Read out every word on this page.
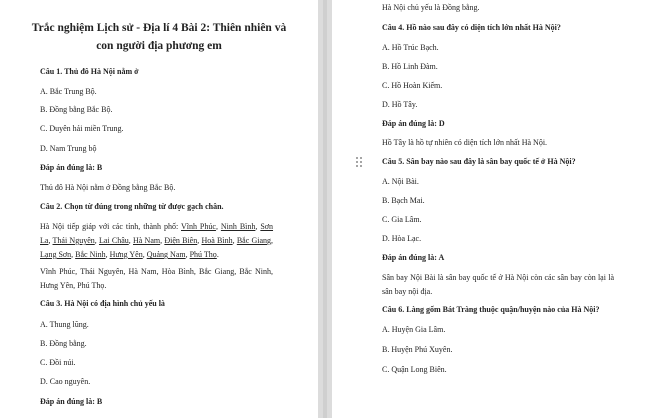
Trắc nghiệm Lịch sử - Địa lí 4 Bài 2: Thiên nhiên và
con người địa phương em
Câu 1. Thủ đô Hà Nội nằm ở
A. Bắc Trung Bộ.
B. Đồng bằng Bắc Bộ.
C. Duyên hải miền Trung.
D. Nam Trung bộ
Đáp án đúng là: B
Thủ đô Hà Nội nằm ở Đồng bằng Bắc Bộ.
Câu 2. Chọn từ đúng trong những từ được gạch chân.
Hà Nội tiếp giáp với các tỉnh, thành phố: Vĩnh Phúc, Ninh Bình, Sơn La, Thái Nguyên, Lai Châu, Hà Nam, Điện Biên, Hoà Bình, Bắc Giang, Lạng Sơn, Bắc Ninh, Hưng Yên, Quảng Nam, Phú Thọ.
Vĩnh Phúc, Thái Nguyên, Hà Nam, Hòa Bình, Bắc Giang, Bắc Ninh, Hưng Yên, Phú Thọ.
Câu 3. Hà Nội có địa hình chủ yếu là
A. Thung lũng.
B. Đồng bằng.
C. Đồi núi.
D. Cao nguyên.
Đáp án đúng là: B
Hà Nội chủ yếu là Đồng bằng.
Câu 4. Hồ nào sau đây có diện tích lớn nhất Hà Nội?
A. Hồ Trúc Bạch.
B. Hồ Linh Đàm.
C. Hồ Hoàn Kiếm.
D. Hồ Tây.
Đáp án đúng là: D
Hồ Tây là hồ tự nhiên có diện tích lớn nhất Hà Nội.
Câu 5. Sân bay nào sau đây là sân bay quốc tế ở Hà Nội?
A. Nội Bài.
B. Bạch Mai.
C. Gia Lâm.
D. Hòa Lạc.
Đáp án đúng là: A
Sân bay Nội Bài là sân bay quốc tế ở Hà Nội còn các sân bay còn lại là sân bay nội địa.
Câu 6. Làng gốm Bát Tràng thuộc quận/huyện nào của Hà Nội?
A. Huyện Gia Lâm.
B. Huyện Phú Xuyên.
C. Quận Long Biên.
